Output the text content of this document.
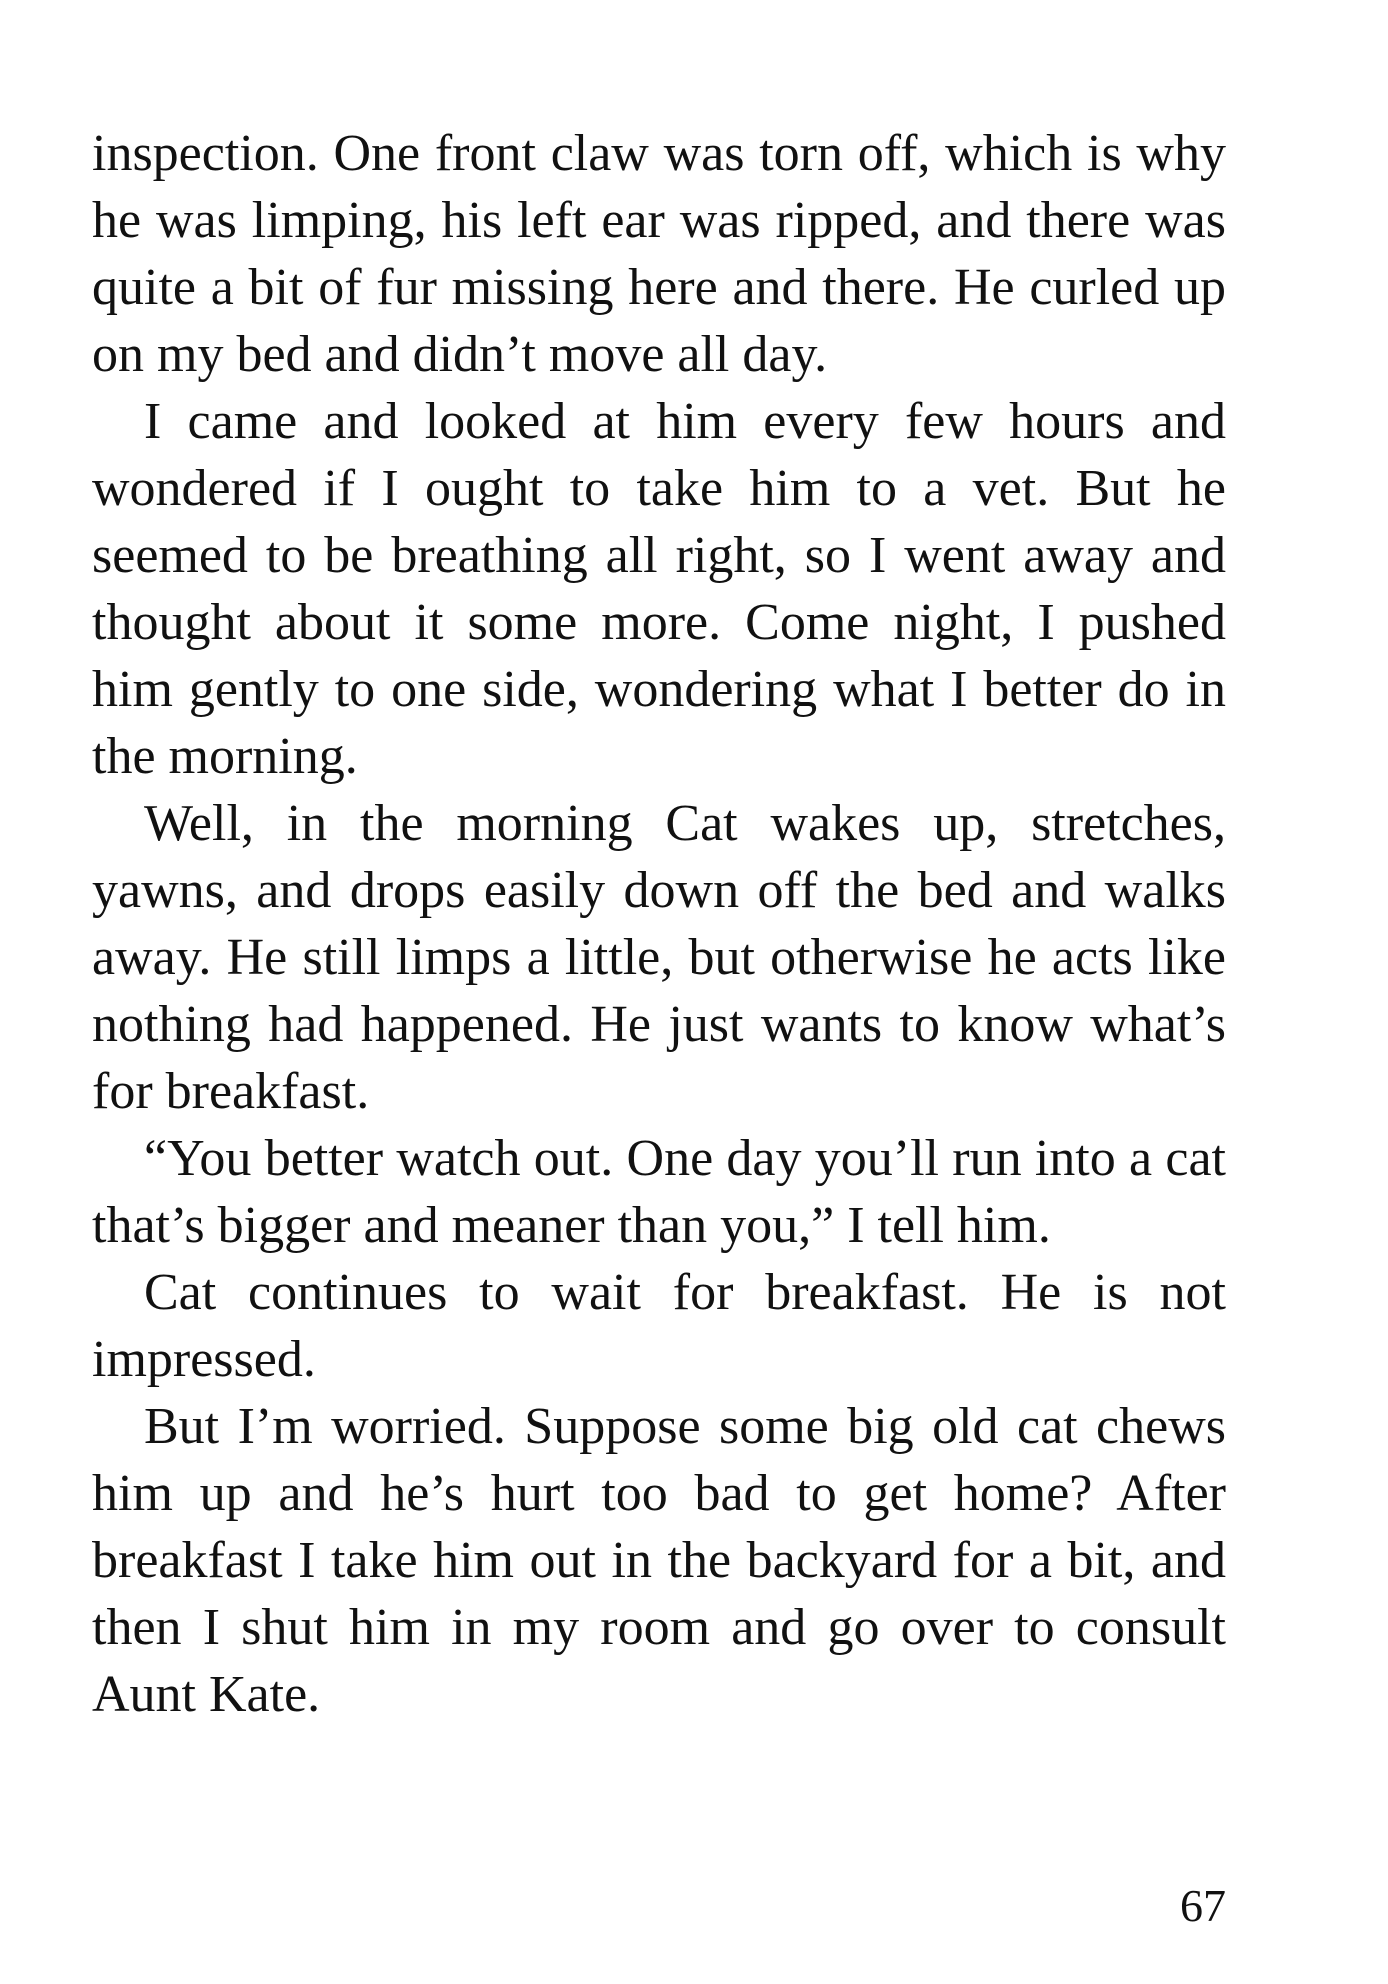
inspection. One front claw was torn off, which is why he was limping, his left ear was ripped, and there was quite a bit of fur missing here and there. He curled up on my bed and didn’t move all day.

I came and looked at him every few hours and wondered if I ought to take him to a vet. But he seemed to be breathing all right, so I went away and thought about it some more. Come night, I pushed him gently to one side, wondering what I better do in the morning.

Well, in the morning Cat wakes up, stretches, yawns, and drops easily down off the bed and walks away. He still limps a little, but otherwise he acts like nothing had happened. He just wants to know what’s for breakfast.

“You better watch out. One day you’ll run into a cat that’s bigger and meaner than you,” I tell him.

Cat continues to wait for breakfast. He is not impressed.

But I’m worried. Suppose some big old cat chews him up and he’s hurt too bad to get home? After breakfast I take him out in the backyard for a bit, and then I shut him in my room and go over to consult Aunt Kate.

67
